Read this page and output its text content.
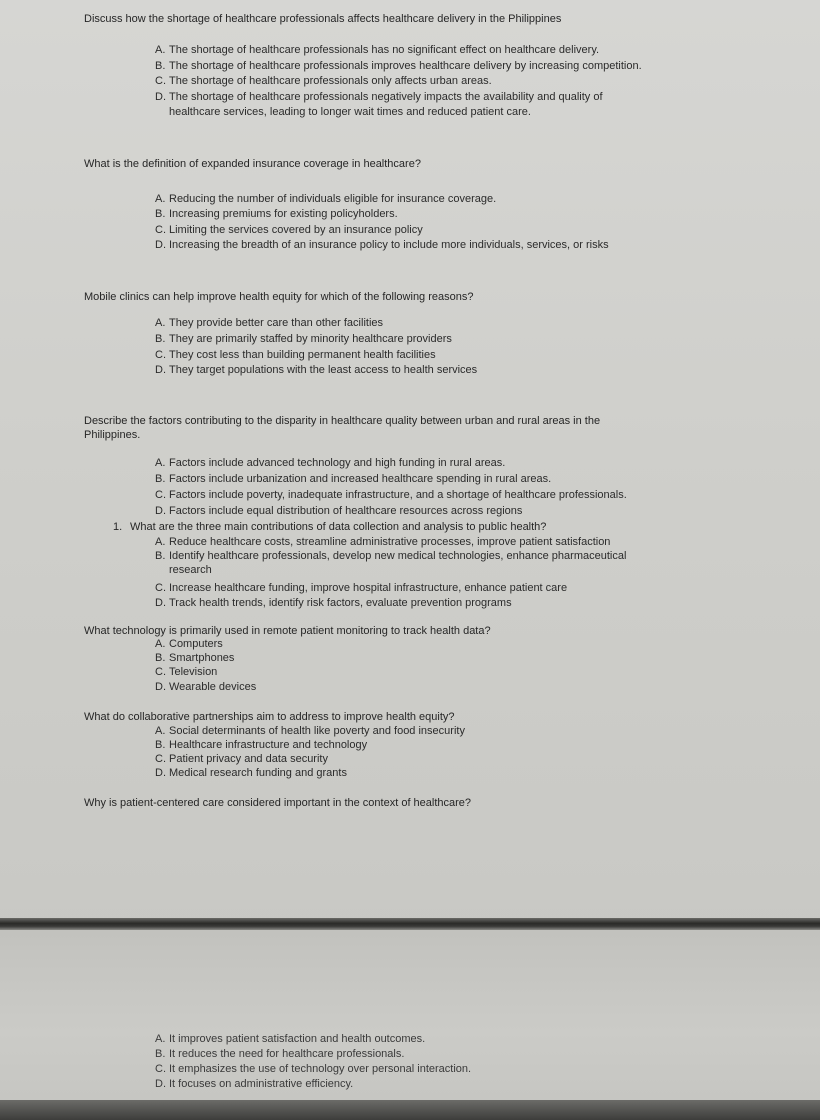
Discuss how the shortage of healthcare professionals affects healthcare delivery in the Philippines
A. The shortage of healthcare professionals has no significant effect on healthcare delivery.
B. The shortage of healthcare professionals improves healthcare delivery by increasing competition.
C. The shortage of healthcare professionals only affects urban areas.
D. The shortage of healthcare professionals negatively impacts the availability and quality of
healthcare services, leading to longer wait times and reduced patient care.
What is the definition of expanded insurance coverage in healthcare?
A. Reducing the number of individuals eligible for insurance coverage.
B. Increasing premiums for existing policyholders.
C. Limiting the services covered by an insurance policy
D. Increasing the breadth of an insurance policy to include more individuals, services, or risks
Mobile clinics can help improve health equity for which of the following reasons?
A. They provide better care than other facilities
B. They are primarily staffed by minority healthcare providers
C. They cost less than building permanent health facilities
D. They target populations with the least access to health services
Describe the factors contributing to the disparity in healthcare quality between urban and rural areas in the
Philippines.
A. Factors include advanced technology and high funding in rural areas.
B. Factors include urbanization and increased healthcare spending in rural areas.
C. Factors include poverty, inadequate infrastructure, and a shortage of healthcare professionals.
D. Factors include equal distribution of healthcare resources across regions
1. What are the three main contributions of data collection and analysis to public health?
A. Reduce healthcare costs, streamline administrative processes, improve patient satisfaction
B. Identify healthcare professionals, develop new medical technologies, enhance pharmaceutical
research
C. Increase healthcare funding, improve hospital infrastructure, enhance patient care
D. Track health trends, identify risk factors, evaluate prevention programs
What technology is primarily used in remote patient monitoring to track health data?
A. Computers
B. Smartphones
C. Television
D. Wearable devices
What do collaborative partnerships aim to address to improve health equity?
A. Social determinants of health like poverty and food insecurity
B. Healthcare infrastructure and technology
C. Patient privacy and data security
D. Medical research funding and grants
Why is patient-centered care considered important in the context of healthcare?
A. It improves patient satisfaction and health outcomes.
B. It reduces the need for healthcare professionals.
C. It emphasizes the use of technology over personal interaction.
D. It focuses on administrative efficiency.
